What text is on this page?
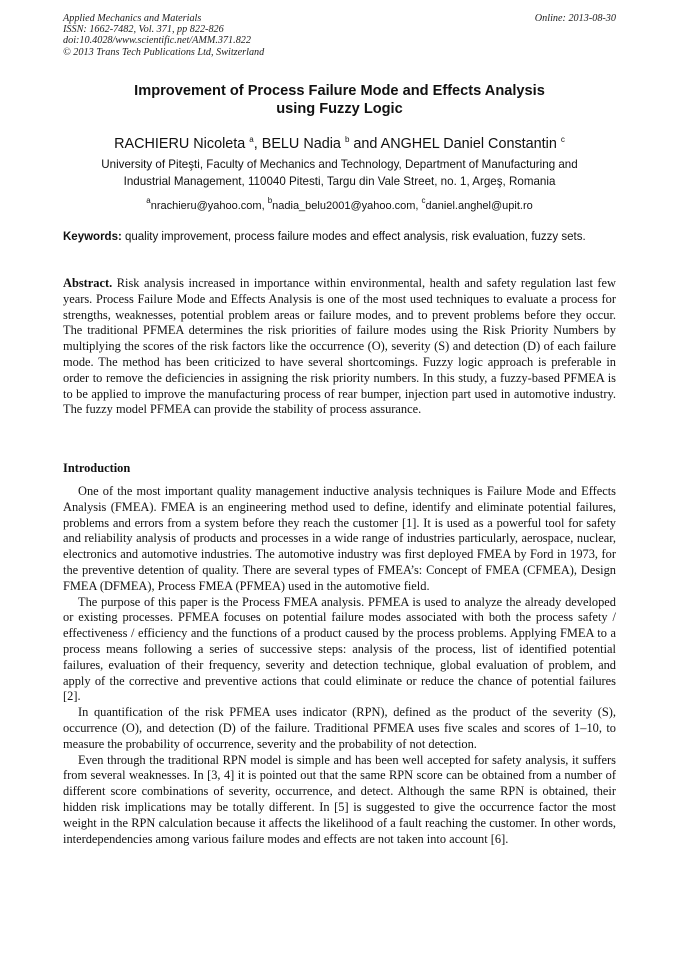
Applied Mechanics and Materials
ISSN: 1662-7482, Vol. 371, pp 822-826
doi:10.4028/www.scientific.net/AMM.371.822
© 2013 Trans Tech Publications Ltd, Switzerland
Online: 2013-08-30
Improvement of Process Failure Mode and Effects Analysis
using Fuzzy Logic
RACHIERU Nicoleta $^a$, BELU Nadia $^b$ and ANGHEL Daniel Constantin $^c$
University of Piteşti, Faculty of Mechanics and Technology, Department of Manufacturing and
Industrial Management, 110040 Pitesti, Targu din Vale Street, no. 1, Argeş, Romania
$^a$nrachieru@yahoo.com, $^b$nadia_belu2001@yahoo.com, $^c$daniel.anghel@upit.ro
Keywords: quality improvement, process failure modes and effect analysis, risk evaluation, fuzzy sets.
Abstract. Risk analysis increased in importance within environmental, health and safety regulation last few years. Process Failure Mode and Effects Analysis is one of the most used techniques to evaluate a process for strengths, weaknesses, potential problem areas or failure modes, and to prevent problems before they occur. The traditional PFMEA determines the risk priorities of failure modes using the Risk Priority Numbers by multiplying the scores of the risk factors like the occurrence (O), severity (S) and detection (D) of each failure mode. The method has been criticized to have several shortcomings. Fuzzy logic approach is preferable in order to remove the deficiencies in assigning the risk priority numbers. In this study, a fuzzy-based PFMEA is to be applied to improve the manufacturing process of rear bumper, injection part used in automotive industry. The fuzzy model PFMEA can provide the stability of process assurance.
Introduction

One of the most important quality management inductive analysis techniques is Failure Mode and Effects Analysis (FMEA). FMEA is an engineering method used to define, identify and eliminate potential failures, problems and errors from a system before they reach the customer [1]. It is used as a powerful tool for safety and reliability analysis of products and processes in a wide range of industries particularly, aerospace, nuclear, electronics and automotive industries. The automotive industry was first deployed FMEA by Ford in 1973, for the preventive detention of quality. There are several types of FMEA’s: Concept of FMEA (CFMEA), Design FMEA (DFMEA), Process FMEA (PFMEA) used in the automotive field.

The purpose of this paper is the Process FMEA analysis. PFMEA is used to analyze the already developed or existing processes. PFMEA focuses on potential failure modes associated with both the process safety / effectiveness / efficiency and the functions of a product caused by the process problems. Applying FMEA to a process means following a series of successive steps: analysis of the process, list of identified potential failures, evaluation of their frequency, severity and detection technique, global evaluation of problem, and apply of the corrective and preventive actions that could eliminate or reduce the chance of potential failures [2].

In quantification of the risk PFMEA uses indicator (RPN), defined as the product of the severity (S), occurrence (O), and detection (D) of the failure. Traditional PFMEA uses five scales and scores of 1–10, to measure the probability of occurrence, severity and the probability of not detection.

Even through the traditional RPN model is simple and has been well accepted for safety analysis, it suffers from several weaknesses. In [3, 4] it is pointed out that the same RPN score can be obtained from a number of different score combinations of severity, occurrence, and detect. Although the same RPN is obtained, their hidden risk implications may be totally different. In [5] is suggested to give the occurrence factor the most weight in the RPN calculation because it affects the likelihood of a fault reaching the customer. In other words, interdependencies among various failure modes and effects are not taken into account [6].
